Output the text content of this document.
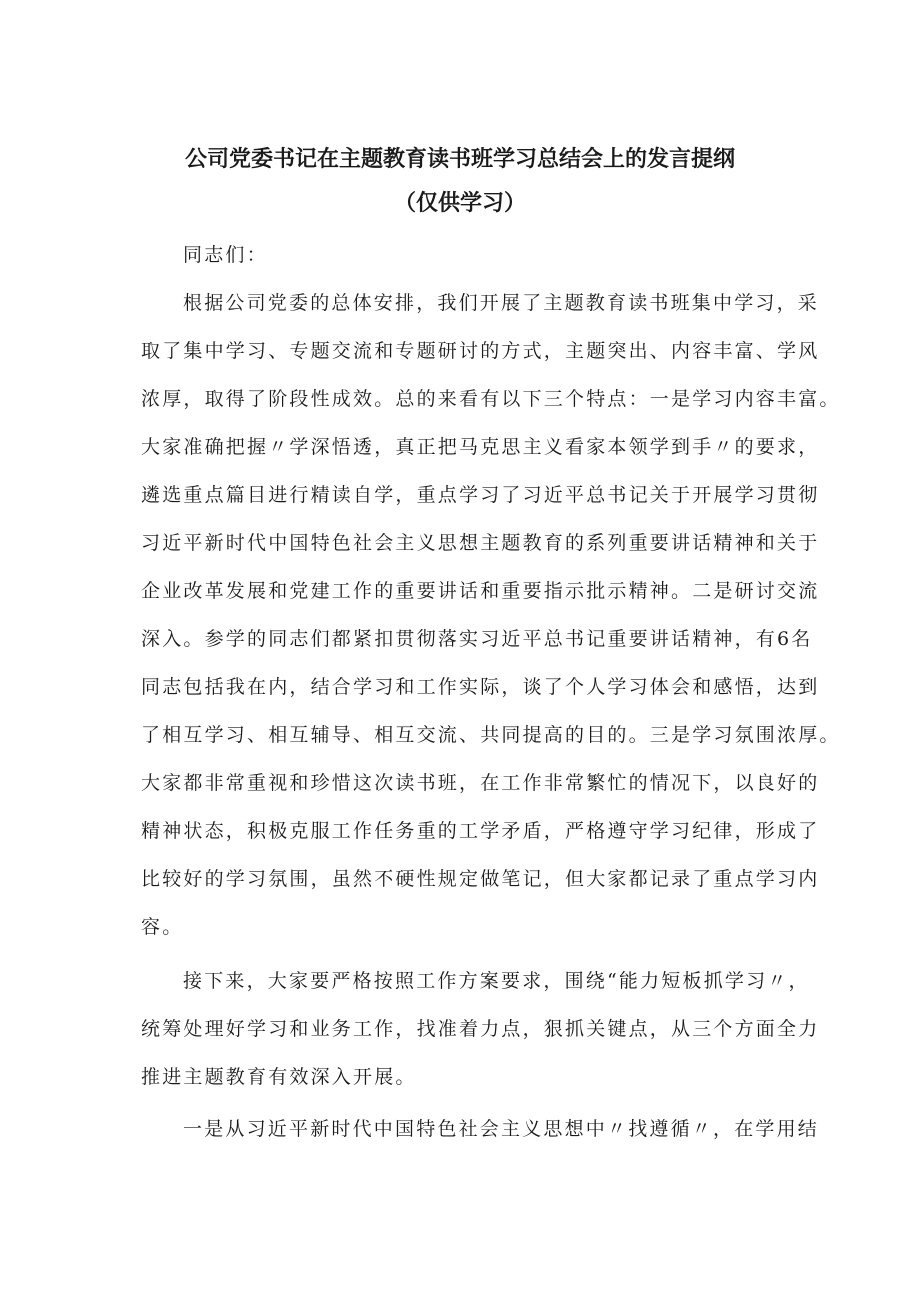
公司党委书记在主题教育读书班学习总结会上的发言提纲
（仅供学习）
同志们：
根据公司党委的总体安排，我们开展了主题教育读书班集中学习，采
取了集中学习、专题交流和专题研讨的方式，主题突出、内容丰富、学风
浓厚，取得了阶段性成效。总的来看有以下三个特点：一是学习内容丰富。
大家准确把握〃学深悟透，真正把马克思主义看家本领学到手〃的要求，
遴选重点篇目进行精读自学，重点学习了习近平总书记关于开展学习贯彻
习近平新时代中国特色社会主义思想主题教育的系列重要讲话精神和关于
企业改革发展和党建工作的重要讲话和重要指示批示精神。二是研讨交流
深入。参学的同志们都紧扣贯彻落实习近平总书记重要讲话精神，有6名
同志包括我在内，结合学习和工作实际，谈了个人学习体会和感悟，达到
了相互学习、相互辅导、相互交流、共同提高的目的。三是学习氛围浓厚。
大家都非常重视和珍惜这次读书班，在工作非常繁忙的情况下，以良好的
精神状态，积极克服工作任务重的工学矛盾，严格遵守学习纪律，形成了
比较好的学习氛围，虽然不硬性规定做笔记，但大家都记录了重点学习内
容。
接下来，大家要严格按照工作方案要求，围绕“能力短板抓学习〃，
统筹处理好学习和业务工作，找准着力点，狠抓关键点，从三个方面全力
推进主题教育有效深入开展。
一是从习近平新时代中国特色社会主义思想中〃找遵循〃，在学用结
